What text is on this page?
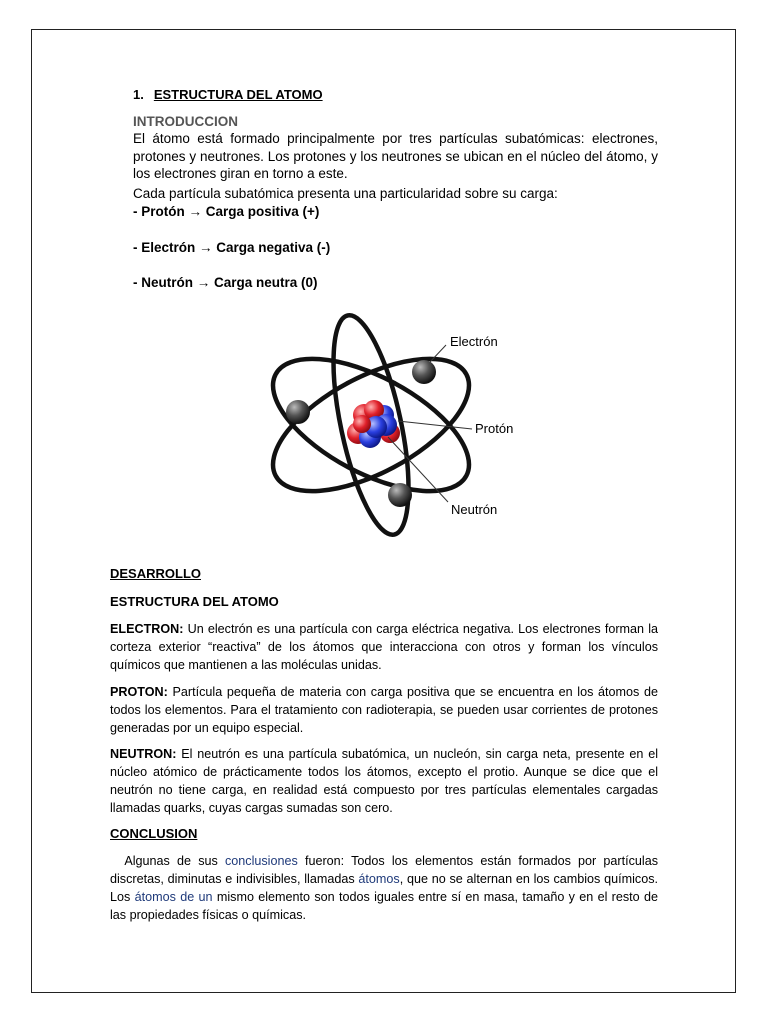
1. ESTRUCTURA DEL ATOMO
INTRODUCCION
El átomo está formado principalmente por tres partículas subatómicas: electrones, protones y neutrones. Los protones y los neutrones se ubican en el núcleo del átomo, y los electrones giran en torno a este.
Cada partícula subatómica presenta una particularidad sobre su carga:
- Protón → Carga positiva (+)
- Electrón → Carga negativa (-)
- Neutrón → Carga neutra (0)
Electrón
Protón
Neutrón
DESARROLLO
ESTRUCTURA DEL ATOMO
ELECTRON: Un electrón es una partícula con carga eléctrica negativa. Los electrones forman la corteza exterior “reactiva” de los átomos que interacciona con otros y forman los vínculos químicos que mantienen a las moléculas unidas.
PROTON: Partícula pequeña de materia con carga positiva que se encuentra en los átomos de todos los elementos. Para el tratamiento con radioterapia, se pueden usar corrientes de protones generadas por un equipo especial.
NEUTRON: El neutrón es una partícula subatómica, un nucleón, sin carga neta, presente en el núcleo atómico de prácticamente todos los átomos, excepto el protio. Aunque se dice que el neutrón no tiene carga, en realidad está compuesto por tres partículas elementales cargadas llamadas quarks, cuyas cargas sumadas son cero.
CONCLUSION
Algunas de sus conclusiones fueron: Todos los elementos están formados por partículas discretas, diminutas e indivisibles, llamadas átomos, que no se alternan en los cambios químicos. Los átomos de un mismo elemento son todos iguales entre sí en masa, tamaño y en el resto de las propiedades físicas o químicas.
